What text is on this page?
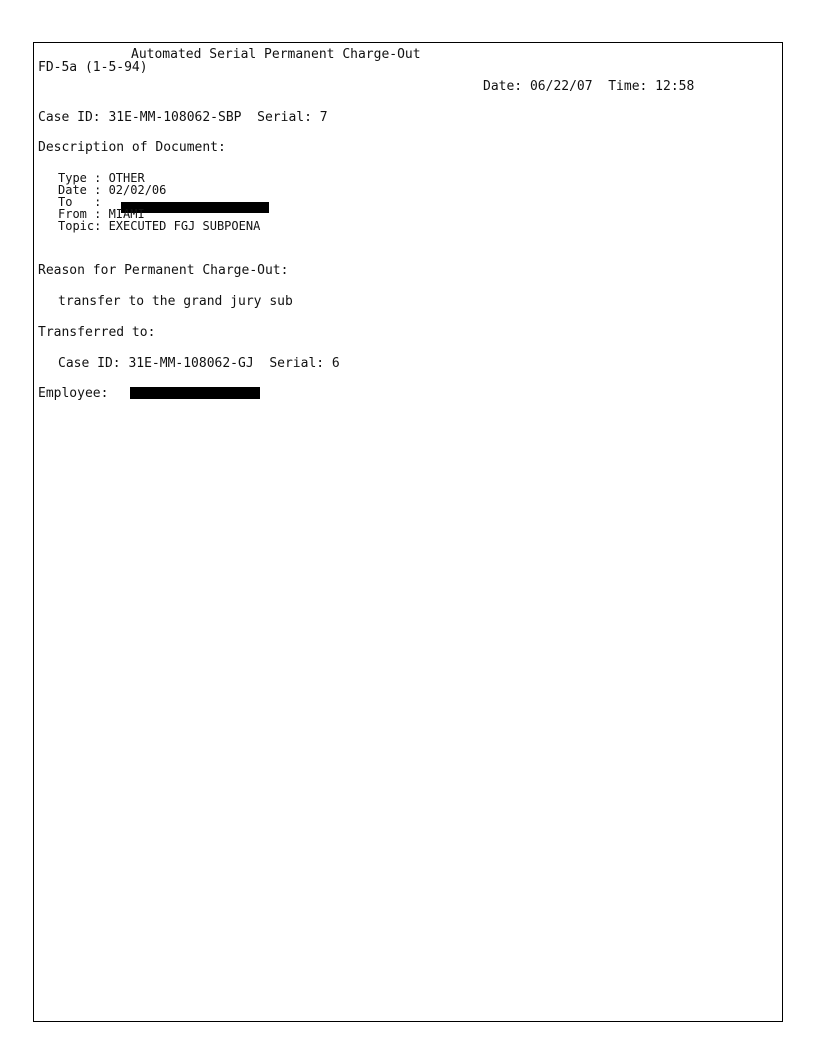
Automated Serial Permanent Charge-Out
FD-5a (1-5-94)
Date: 06/22/07  Time: 12:58
Case ID: 31E-MM-108062-SBP  Serial: 7
Description of Document:
Type : OTHER
Date : 02/02/06
To   :
From : MIAMI
Topic: EXECUTED FGJ SUBPOENA
Reason for Permanent Charge-Out:
transfer to the grand jury sub
Transferred to:
Case ID: 31E-MM-108062-GJ  Serial: 6
Employee:
